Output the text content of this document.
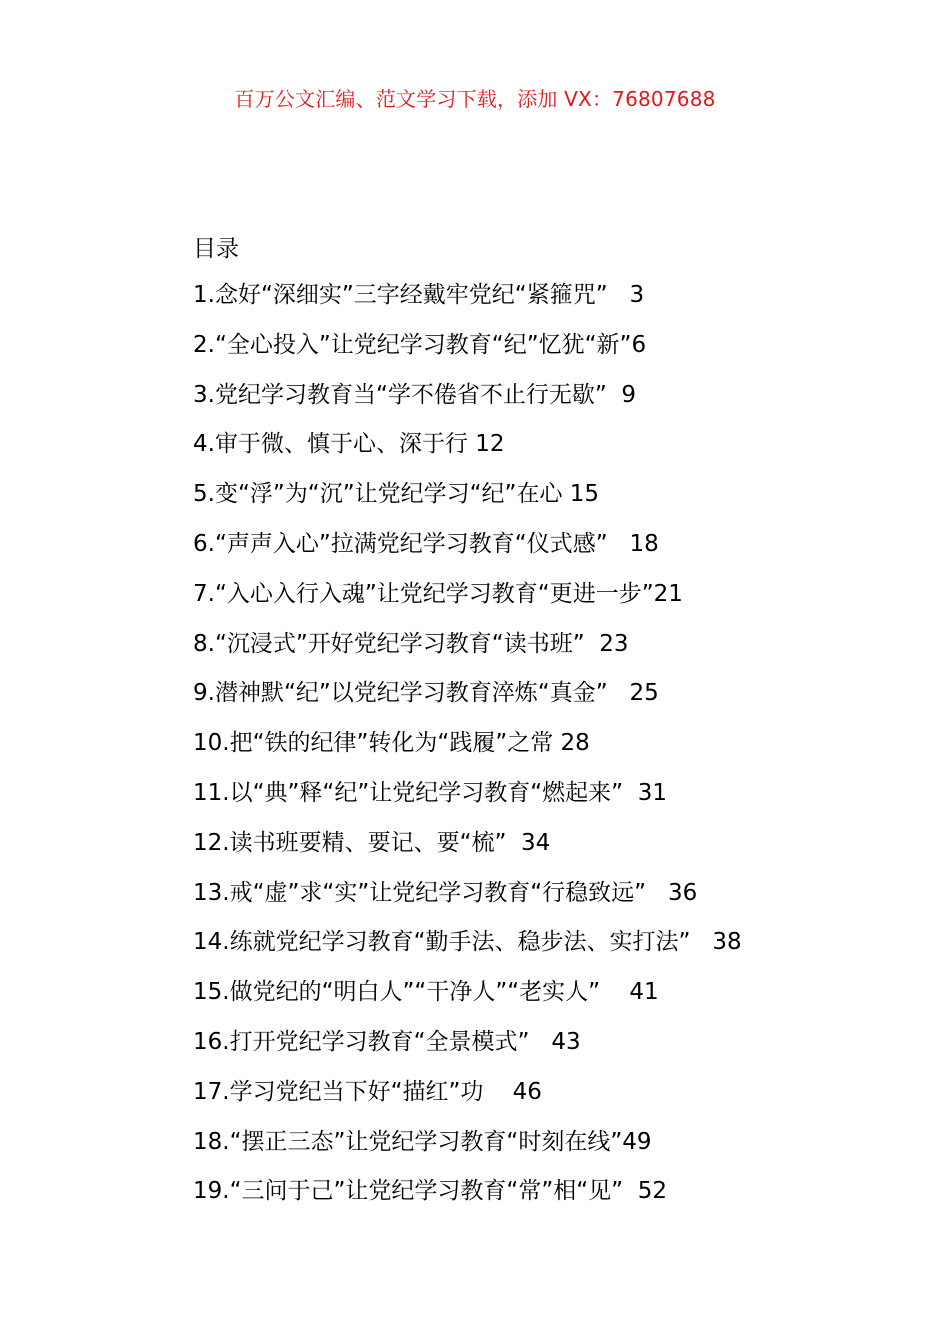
百万公文汇编、范文学习下载，添加 VX：76807688
目录
1.念好“深细实”三字经戴牢党纪“紧箍咒”   3
2.“全心投入”让党纪学习教育“纪”忆犹“新”6
3.党纪学习教育当“学不倦省不止行无歇”  9
4.审于微、慎于心、深于行 12
5.变“浮”为“沉”让党纪学习“纪”在心 15
6.“声声入心”拉满党纪学习教育“仪式感”   18
7.“入心入行入魂”让党纪学习教育“更进一步”21
8.“沉浸式”开好党纪学习教育“读书班”  23
9.潜神默“纪”以党纪学习教育淬炼“真金”   25
10.把“铁的纪律”转化为“践履”之常 28
11.以“典”释“纪”让党纪学习教育“燃起来”  31
12.读书班要精、要记、要“梳”  34
13.戒“虚”求“实”让党纪学习教育“行稳致远”   36
14.练就党纪学习教育“勤手法、稳步法、实打法”   38
15.做党纪的“明白人”“干净人”“老实人”    41
16.打开党纪学习教育“全景模式”   43
17.学习党纪当下好“描红”功    46
18.“摆正三态”让党纪学习教育“时刻在线”49
19.“三问于己”让党纪学习教育“常”相“见”  52
